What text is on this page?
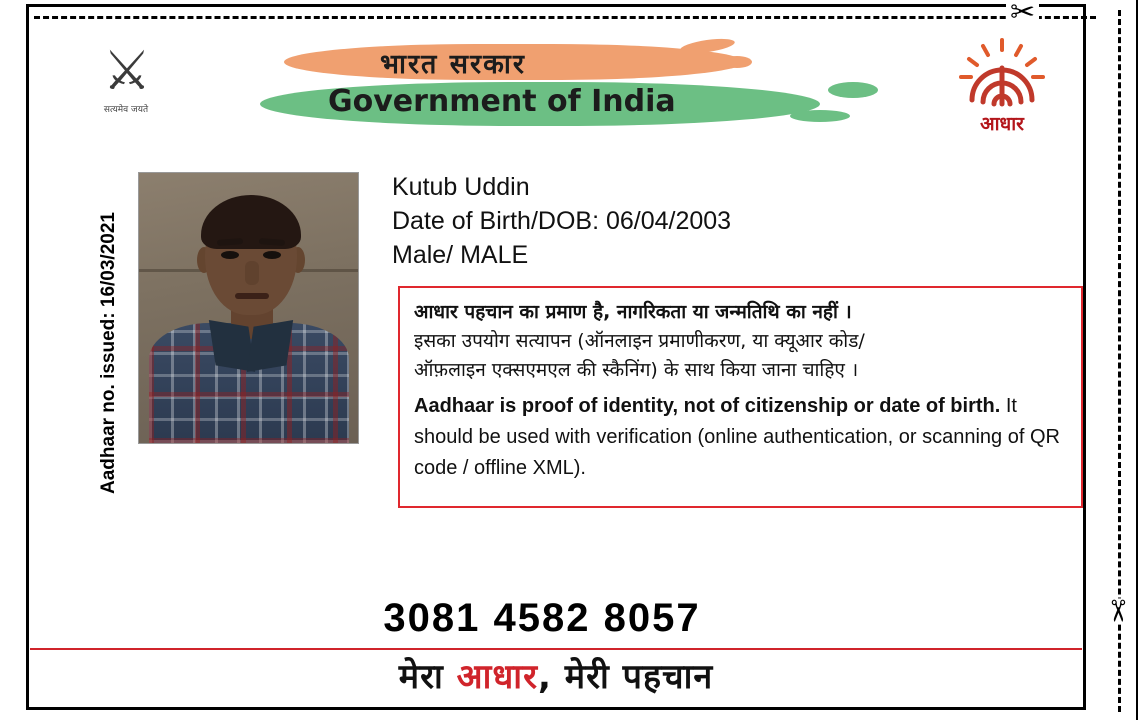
✂
✂
⚔
सत्यमेव जयते
भारत सरकार
Government of India
आधार
Aadhaar no. issued: 16/03/2021
Kutub Uddin
Date of Birth/DOB: 06/04/2003
Male/ MALE
आधार पहचान का प्रमाण है, नागरिकता या जन्मतिथि का नहीं ।
इसका उपयोग सत्यापन (ऑनलाइन प्रमाणीकरण, या क्यूआर कोड/
ऑफ़लाइन एक्सएमएल की स्कैनिंग) के साथ किया जाना चाहिए ।
Aadhaar is proof of identity, not of citizenship or date of birth. It should be used with verification (online authentication, or scanning of QR code / offline XML).
3081 4582 8057
मेरा आधार, मेरी पहचान
